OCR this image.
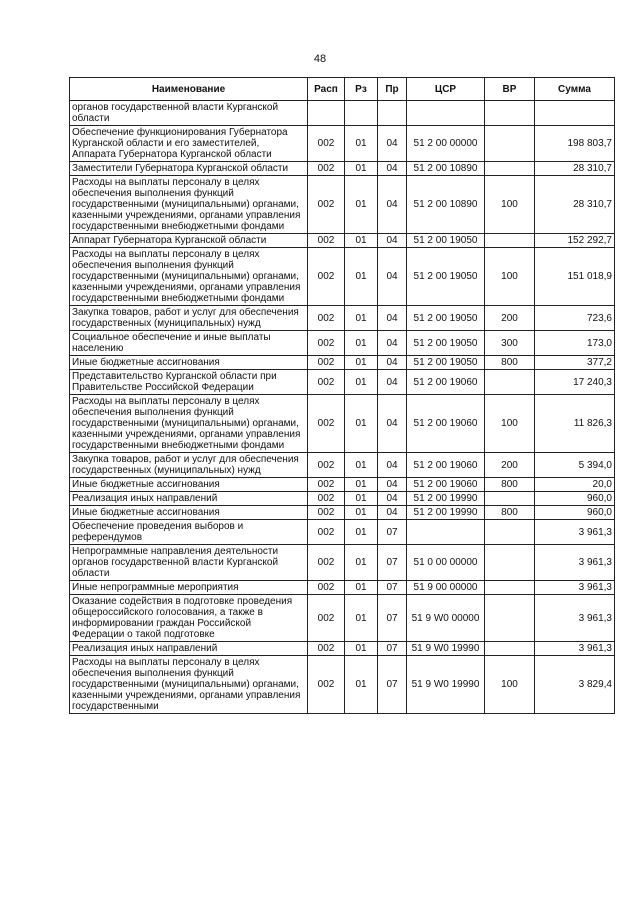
48
Наименование	Расп	Рз	Пр	ЦСР	ВР	Сумма
органов государственной власти Курганской области						
Обеспечение функционирования Губернатора Курганской области и его заместителей, Аппарата Губернатора Курганской области	002	01	04	51 2 00 00000		198 803,7
Заместители Губернатора Курганской области	002	01	04	51 2 00 10890		28 310,7
Расходы на выплаты персоналу в целях обеспечения выполнения функций государственными (муниципальными) органами, казенными учреждениями, органами управления государственными внебюджетными фондами	002	01	04	51 2 00 10890	100	28 310,7
Аппарат Губернатора Курганской области	002	01	04	51 2 00 19050		152 292,7
Расходы на выплаты персоналу в целях обеспечения выполнения функций государственными (муниципальными) органами, казенными учреждениями, органами управления государственными внебюджетными фондами	002	01	04	51 2 00 19050	100	151 018,9
Закупка товаров, работ и услуг для обеспечения государственных (муниципальных) нужд	002	01	04	51 2 00 19050	200	723,6
Социальное обеспечение и иные выплаты населению	002	01	04	51 2 00 19050	300	173,0
Иные бюджетные ассигнования	002	01	04	51 2 00 19050	800	377,2
Представительство Курганской области при Правительстве Российской Федерации	002	01	04	51 2 00 19060		17 240,3
Расходы на выплаты персоналу в целях обеспечения выполнения функций государственными (муниципальными) органами, казенными учреждениями, органами управления государственными внебюджетными фондами	002	01	04	51 2 00 19060	100	11 826,3
Закупка товаров, работ и услуг для обеспечения государственных (муниципальных) нужд	002	01	04	51 2 00 19060	200	5 394,0
Иные бюджетные ассигнования	002	01	04	51 2 00 19060	800	20,0
Реализация иных направлений	002	01	04	51 2 00 19990		960,0
Иные бюджетные ассигнования	002	01	04	51 2 00 19990	800	960,0
Обеспечение проведения выборов и референдумов	002	01	07			3 961,3
Непрограммные направления деятельности органов государственной власти Курганской области	002	01	07	51 0 00 00000		3 961,3
Иные непрограммные мероприятия	002	01	07	51 9 00 00000		3 961,3
Оказание содействия в подготовке проведения общероссийского голосования, а также в информировании граждан Российской Федерации о такой подготовке	002	01	07	51 9 W0 00000		3 961,3
Реализация иных направлений	002	01	07	51 9 W0 19990		3 961,3
Расходы на выплаты персоналу в целях обеспечения выполнения функций государственными (муниципальными) органами, казенными учреждениями, органами управления государственными	002	01	07	51 9 W0 19990	100	3 829,4
